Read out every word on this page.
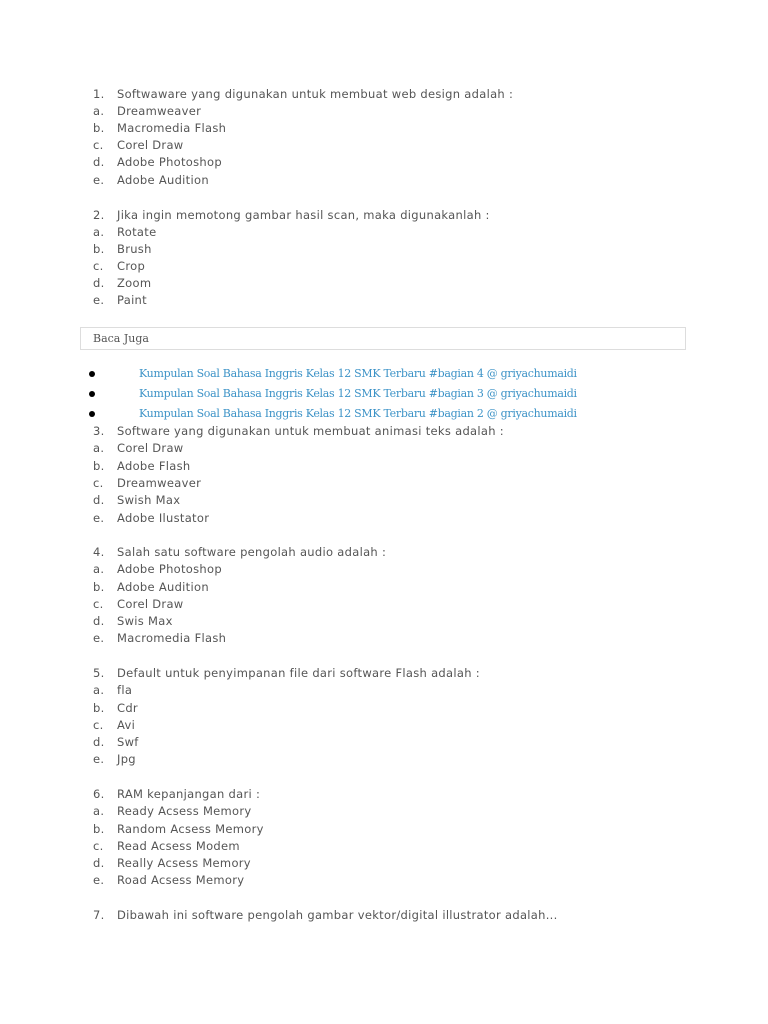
1. Softwaware yang digunakan untuk membuat web design adalah :
a. Dreamweaver
b. Macromedia Flash
c. Corel Draw
d. Adobe Photoshop
e. Adobe Audition
2. Jika ingin memotong gambar hasil scan, maka digunakanlah :
a. Rotate
b. Brush
c. Crop
d. Zoom
e. Paint
Baca Juga
Kumpulan Soal Bahasa Inggris Kelas 12 SMK Terbaru #bagian 4 @ griyachumaidi
Kumpulan Soal Bahasa Inggris Kelas 12 SMK Terbaru #bagian 3 @ griyachumaidi
Kumpulan Soal Bahasa Inggris Kelas 12 SMK Terbaru #bagian 2 @ griyachumaidi
3. Software yang digunakan untuk membuat animasi teks adalah :
a. Corel Draw
b. Adobe Flash
c. Dreamweaver
d. Swish Max
e. Adobe Ilustator
4. Salah satu software pengolah audio adalah :
a. Adobe Photoshop
b. Adobe Audition
c. Corel Draw
d. Swis Max
e. Macromedia Flash
5. Default untuk penyimpanan file dari software Flash adalah :
a. fla
b. Cdr
c. Avi
d. Swf
e. Jpg
6. RAM kepanjangan dari :
a. Ready Acsess Memory
b. Random Acsess Memory
c. Read Acsess Modem
d. Really Acsess Memory
e. Road Acsess Memory
7. Dibawah ini software pengolah gambar vektor/digital illustrator adalah...
